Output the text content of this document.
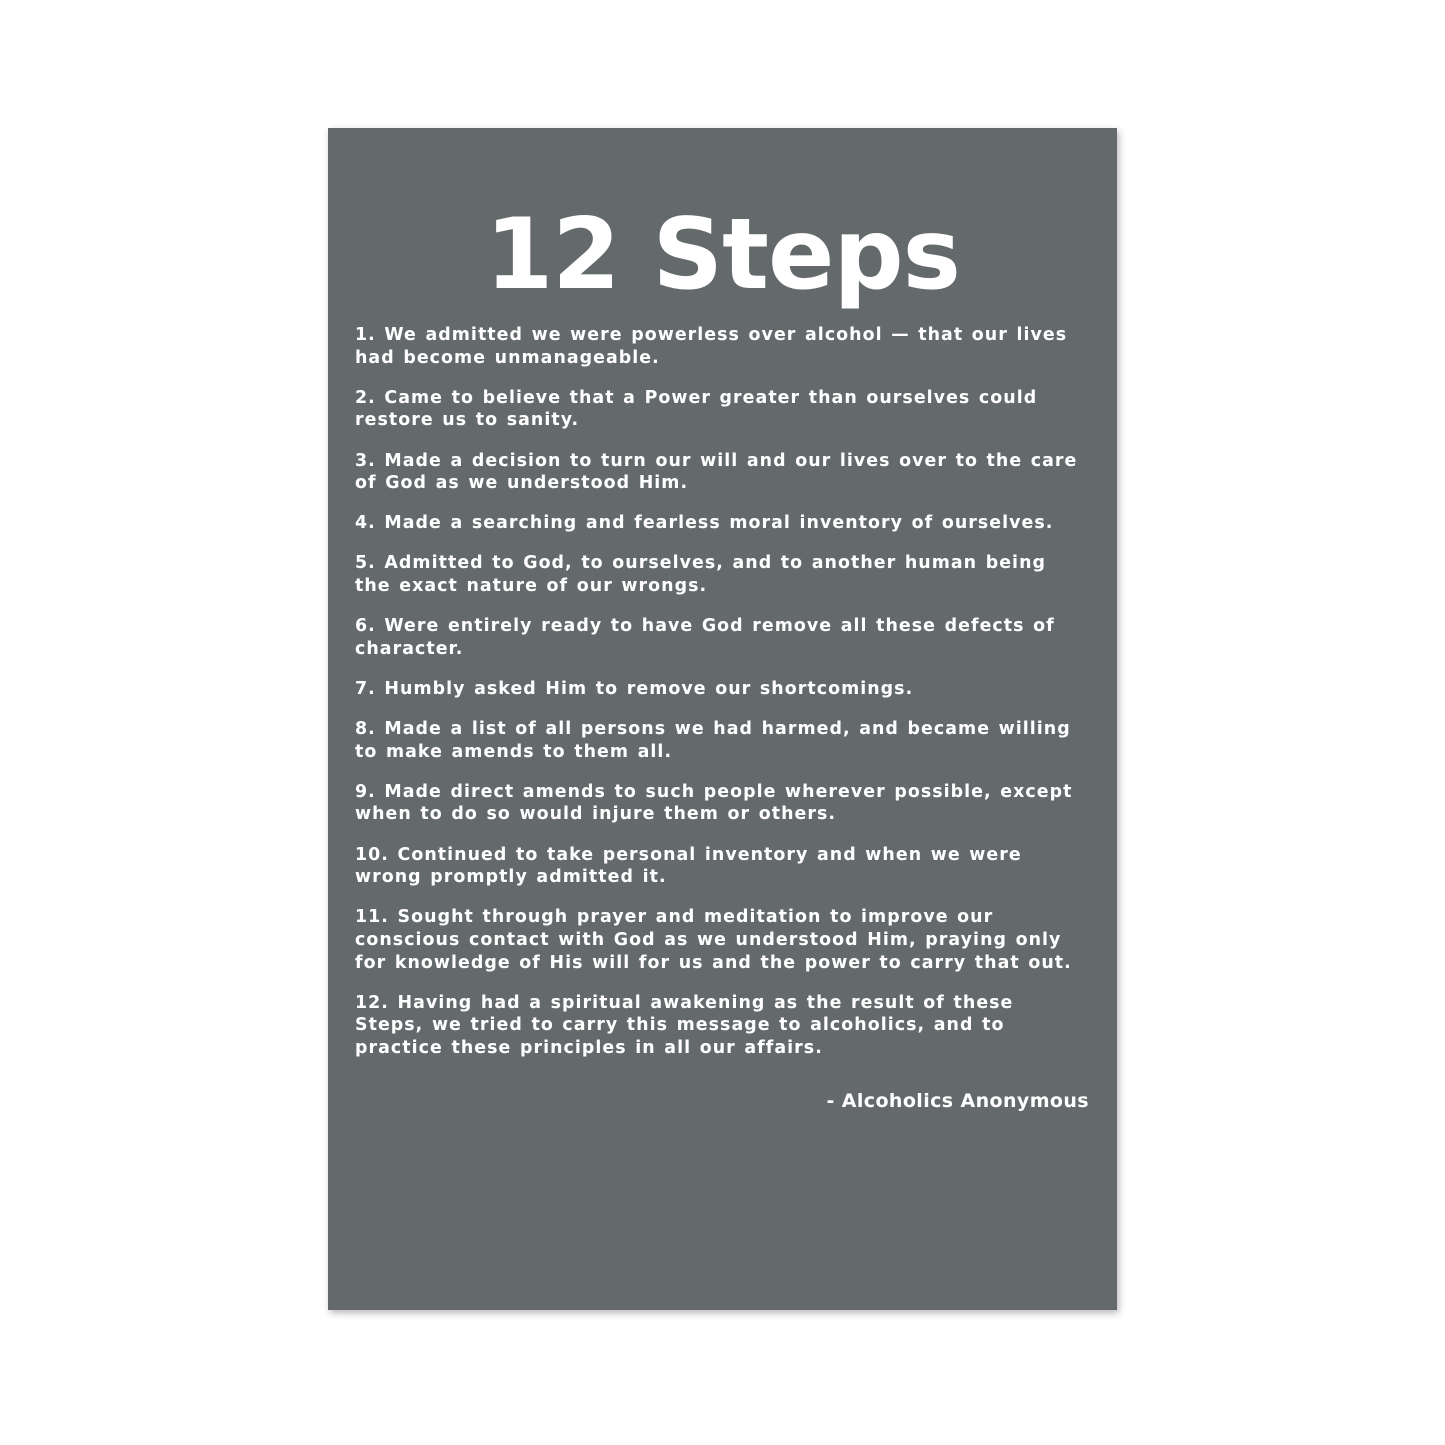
12 Steps
1. We admitted we were powerless over alcohol — that our lives had become unmanageable.
2. Came to believe that a Power greater than ourselves could restore us to sanity.
3. Made a decision to turn our will and our lives over to the care of God as we understood Him.
4. Made a searching and fearless moral inventory of ourselves.
5. Admitted to God, to ourselves, and to another human being the exact nature of our wrongs.
6. Were entirely ready to have God remove all these defects of character.
7. Humbly asked Him to remove our shortcomings.
8. Made a list of all persons we had harmed, and became willing to make amends to them all.
9. Made direct amends to such people wherever possible, except when to do so would injure them or others.
10. Continued to take personal inventory and when we were wrong promptly admitted it.
11. Sought through prayer and meditation to improve our conscious contact with God as we understood Him, praying only for knowledge of His will for us and the power to carry that out.
12. Having had a spiritual awakening as the result of these Steps, we tried to carry this message to alcoholics, and to practice these principles in all our affairs.

- Alcoholics Anonymous
